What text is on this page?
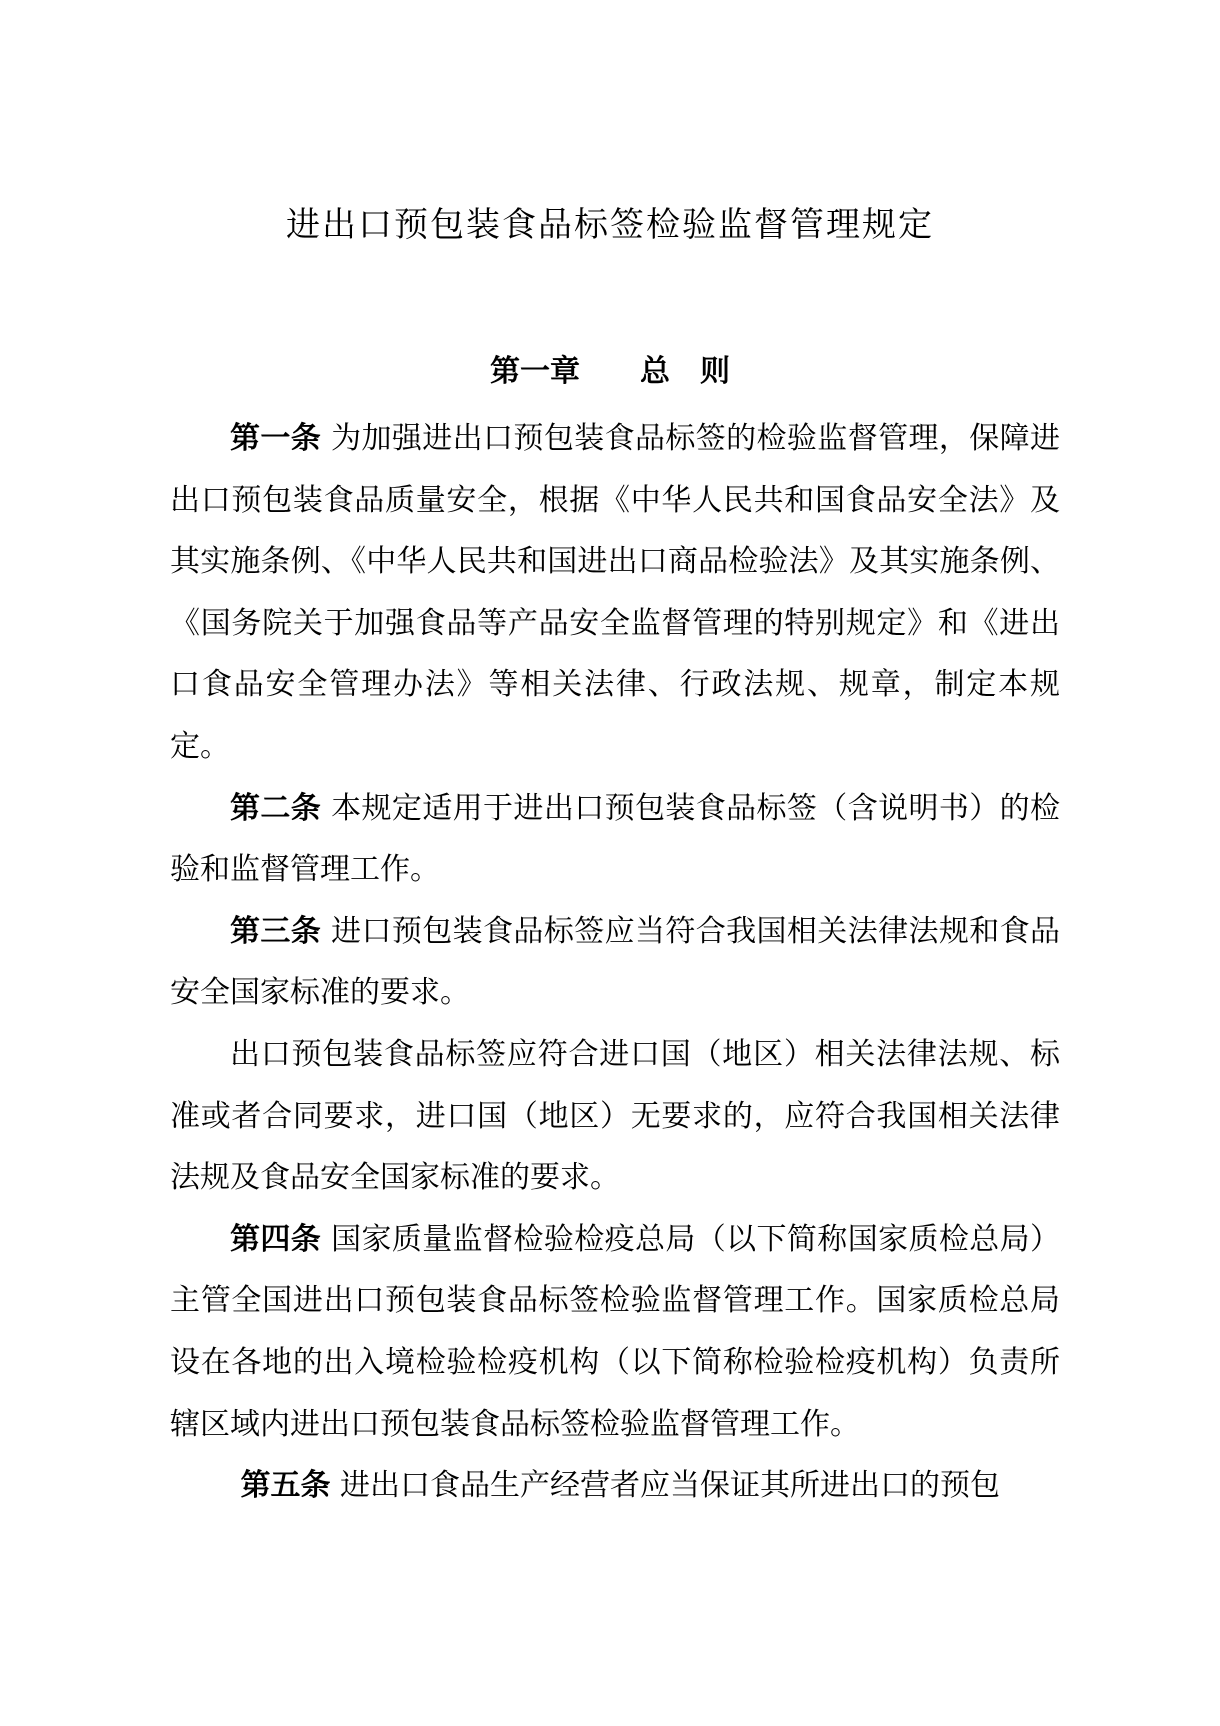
进出口预包装食品标签检验监督管理规定
第一章　　总　则

第一条 为加强进出口预包装食品标签的检验监督管理，保障进出口预包装食品质量安全，根据《中华人民共和国食品安全法》及其实施条例、《中华人民共和国进出口商品检验法》及其实施条例、《国务院关于加强食品等产品安全监督管理的特别规定》和《进出口食品安全管理办法》等相关法律、行政法规、规章，制定本规定。

第二条 本规定适用于进出口预包装食品标签（含说明书）的检验和监督管理工作。

第三条 进口预包装食品标签应当符合我国相关法律法规和食品安全国家标准的要求。

出口预包装食品标签应符合进口国（地区）相关法律法规、标准或者合同要求，进口国（地区）无要求的，应符合我国相关法律法规及食品安全国家标准的要求。

第四条 国家质量监督检验检疫总局（以下简称国家质检总局）主管全国进出口预包装食品标签检验监督管理工作。国家质检总局设在各地的出入境检验检疫机构（以下简称检验检疫机构）负责所辖区域内进出口预包装食品标签检验监督管理工作。

第五条 进出口食品生产经营者应当保证其所进出口的预包
